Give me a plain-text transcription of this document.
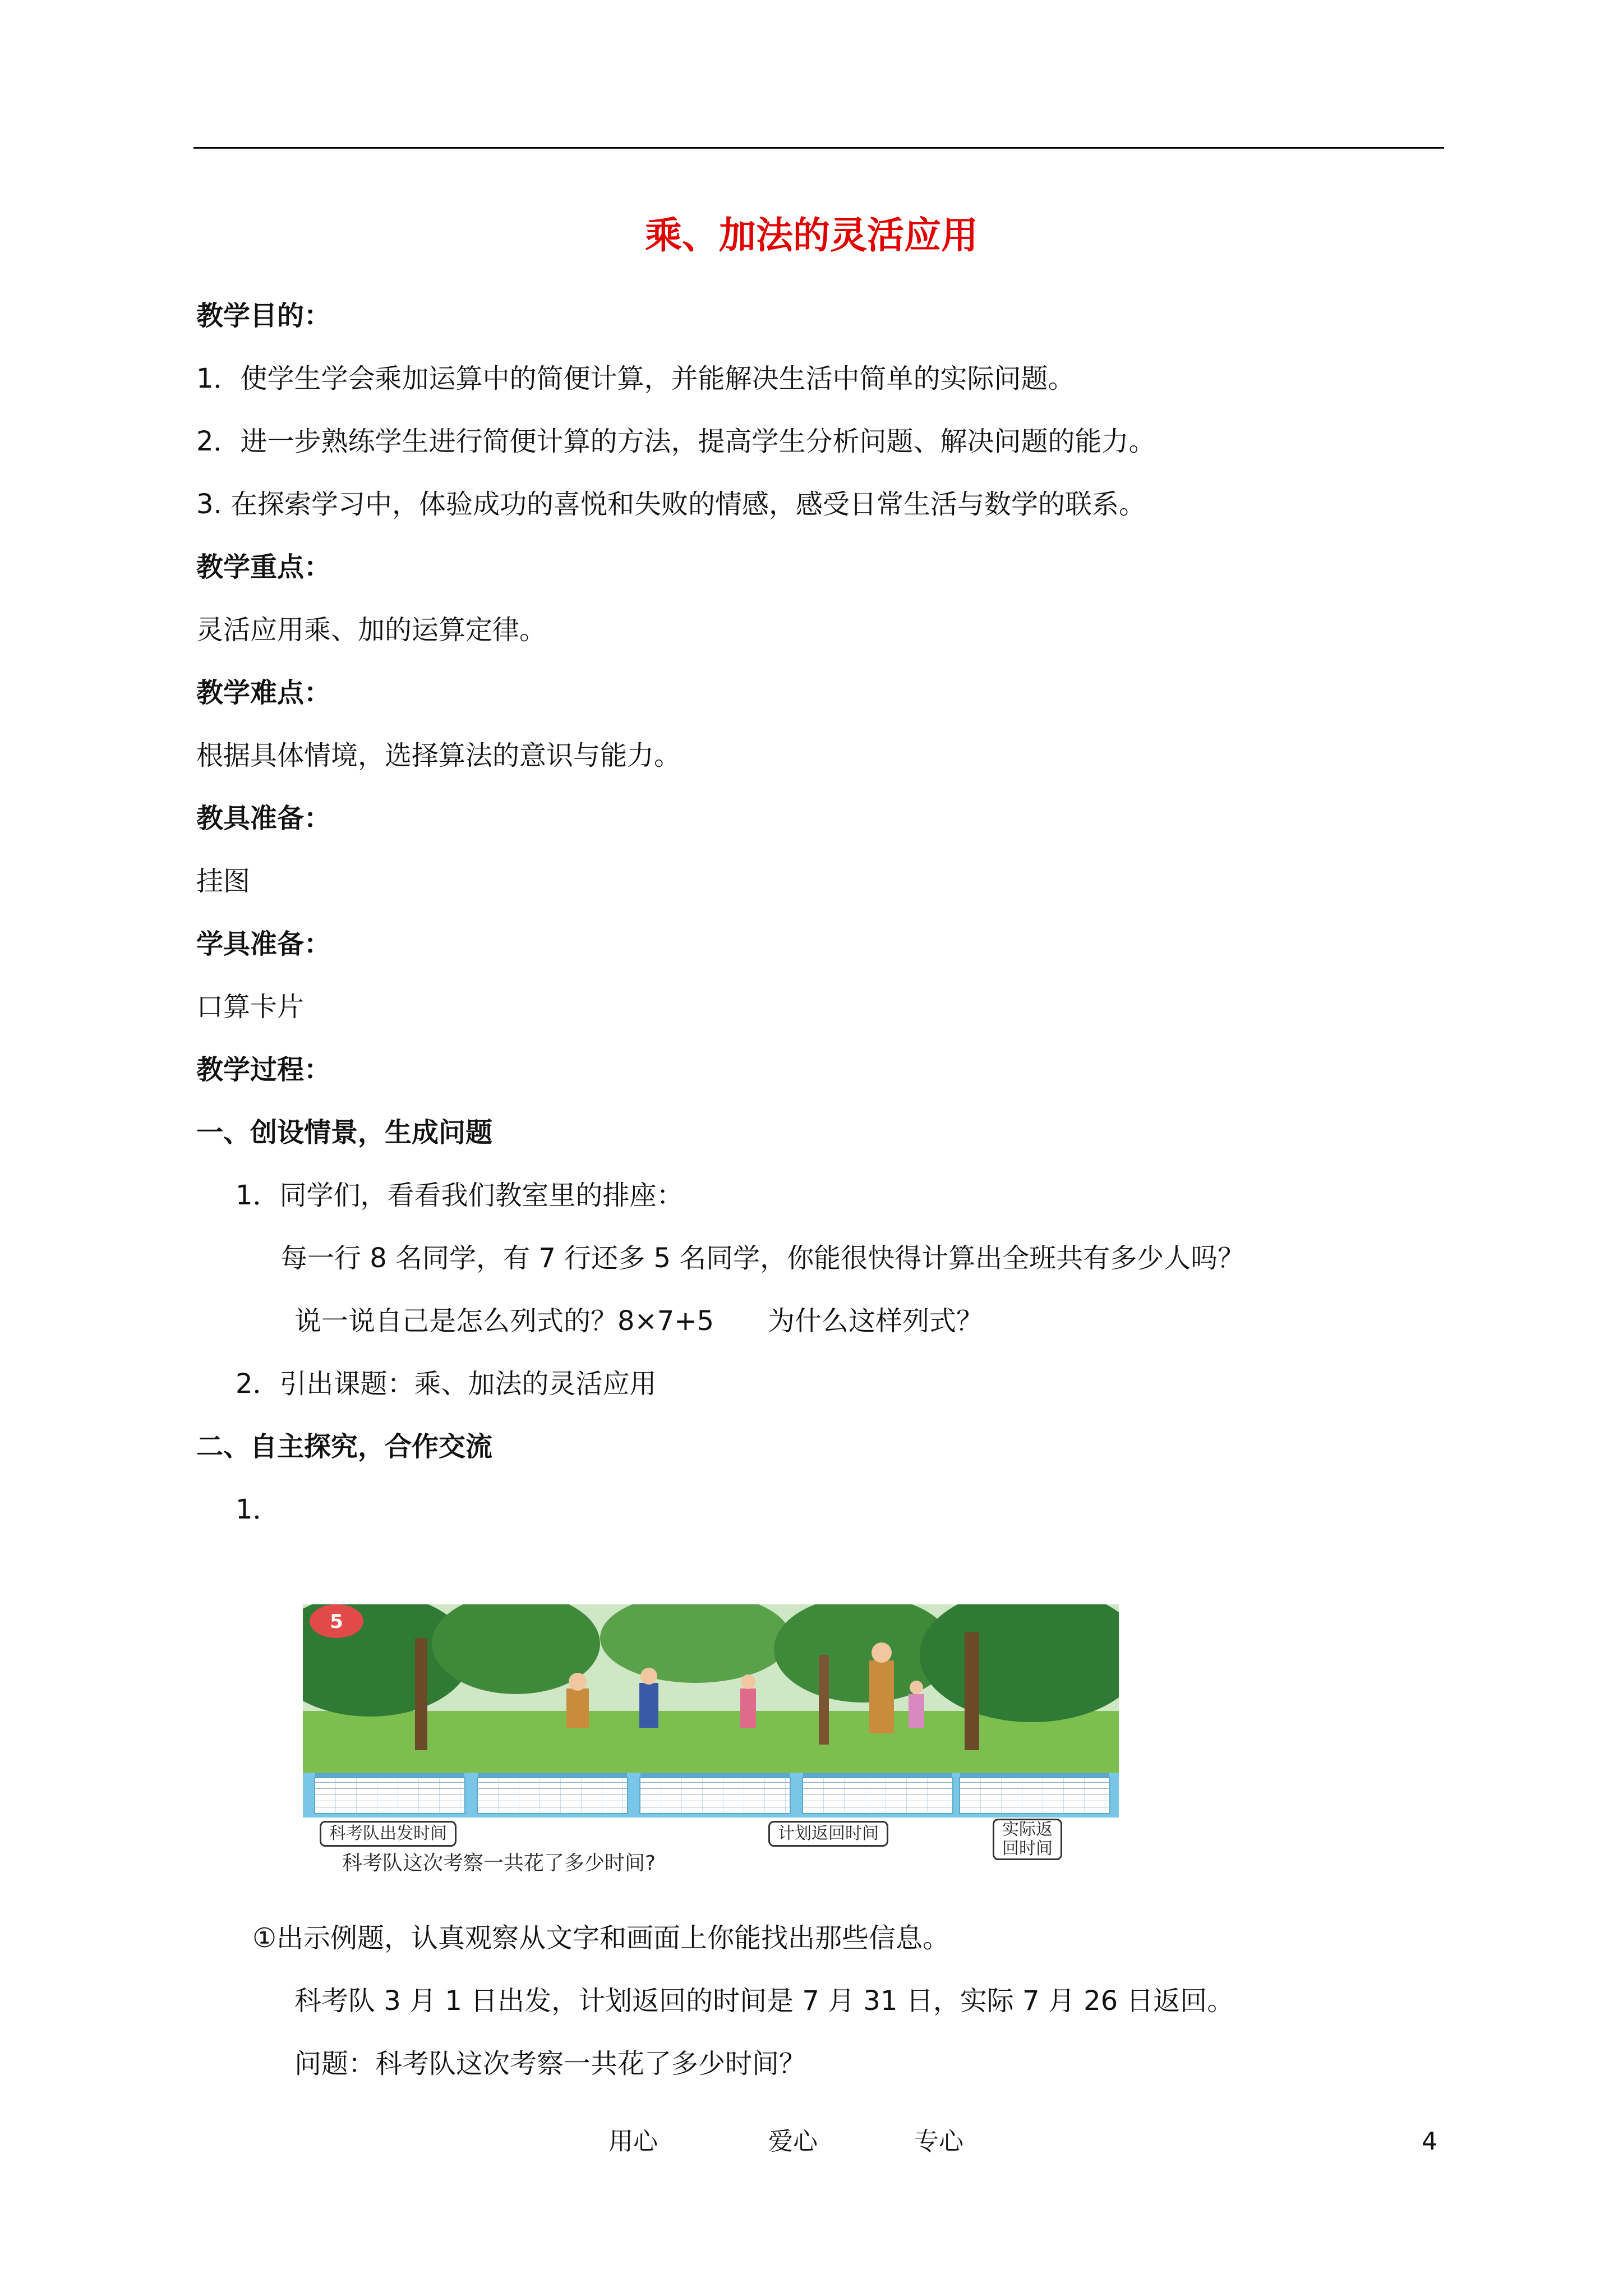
乘、加法的灵活应用
教学目的：
1．使学生学会乘加运算中的简便计算，并能解决生活中简单的实际问题。
2．进一步熟练学生进行简便计算的方法，提高学生分析问题、解决问题的能力。
3. 在探索学习中，体验成功的喜悦和失败的情感，感受日常生活与数学的联系。
教学重点：
灵活应用乘、加的运算定律。
教学难点：
根据具体情境，选择算法的意识与能力。
教具准备：
挂图
学具准备：
口算卡片
教学过程：
一、创设情景，生成问题
1．同学们，看看我们教室里的排座：
每一行 8 名同学，有 7 行还多 5 名同学，你能很快得计算出全班共有多少人吗？
说一说自己是怎么列式的？8×7+5　　为什么这样列式？
2．引出课题：乘、加法的灵活应用
二、自主探究，合作交流
1．
5
科考队出发时间	计划返回时间	实际返
回时间
科考队这次考察一共花了多少时间?
①出示例题，认真观察从文字和画面上你能找出那些信息。
科考队 3 月 1 日出发，计划返回的时间是 7 月 31 日，实际 7 月 26 日返回。
问题：科考队这次考察一共花了多少时间？
用心	爱心	专心	4
